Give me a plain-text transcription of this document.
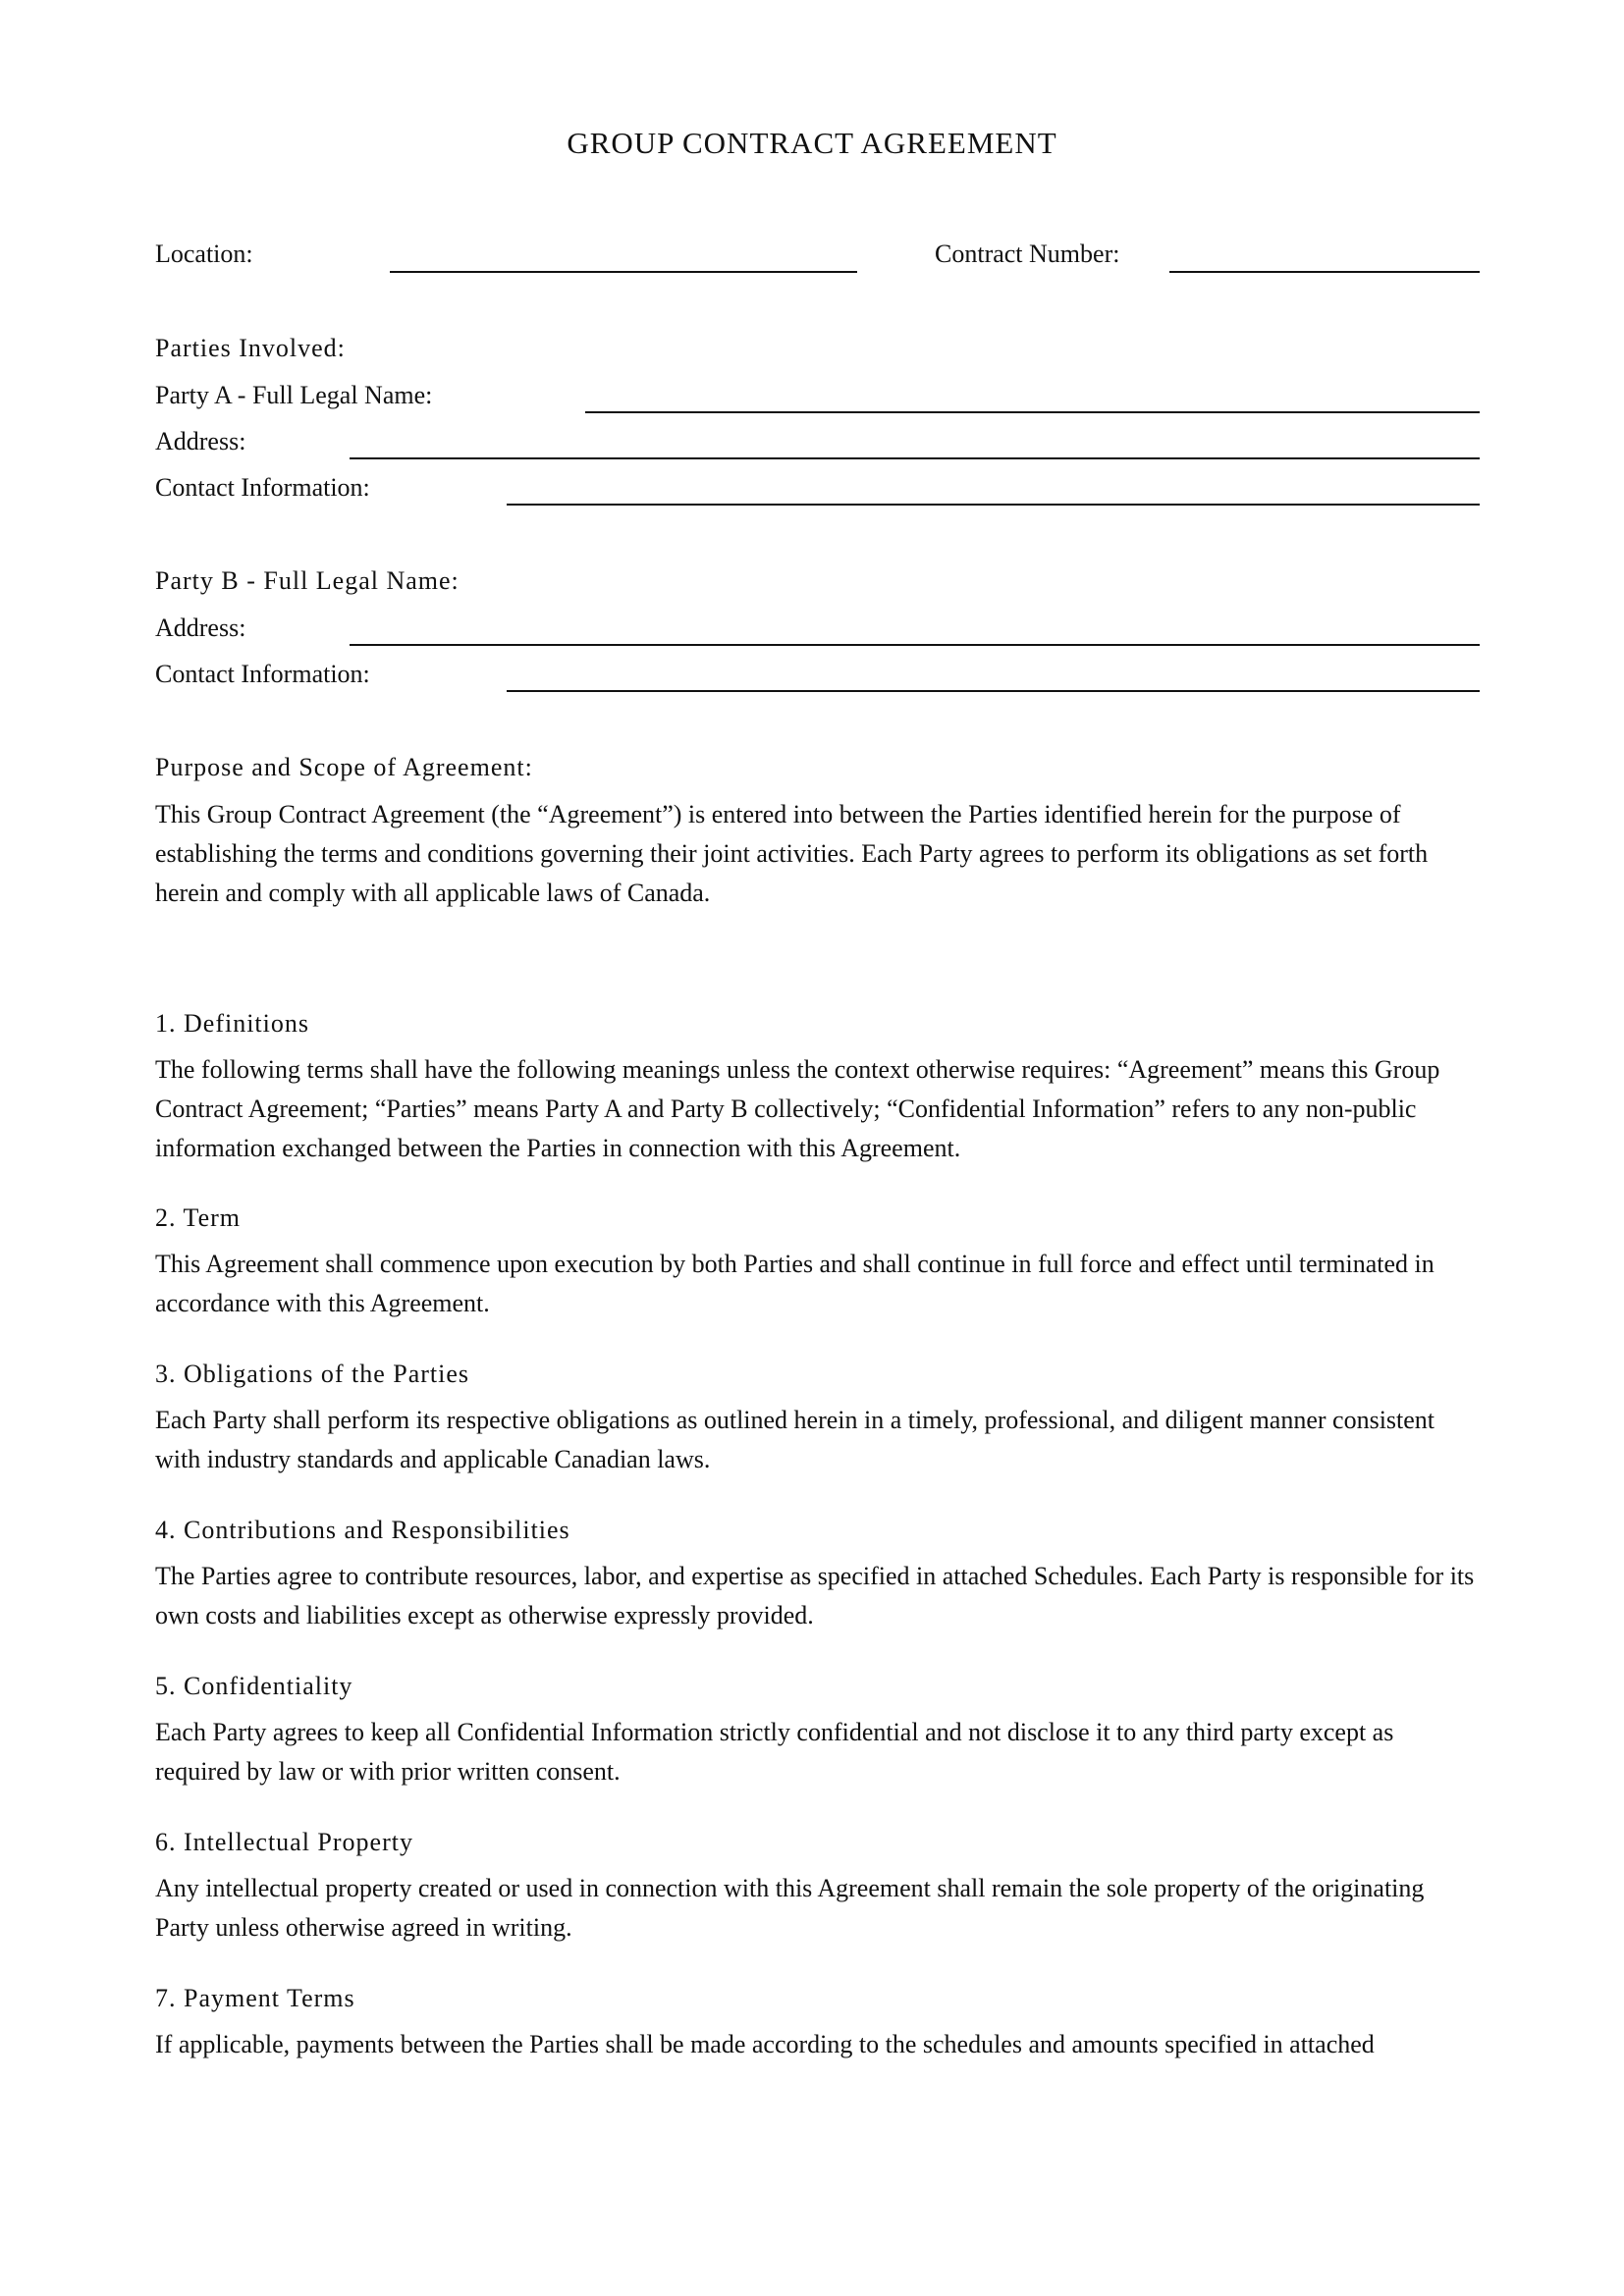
GROUP CONTRACT AGREEMENT
Location:	Contract Number:
Parties Involved:
Party A - Full Legal Name:
Address:
Contact Information:
Party B - Full Legal Name:
Address:
Contact Information:
Purpose and Scope of Agreement:

This Group Contract Agreement (the “Agreement”) is entered into between the Parties identified herein for the purpose of establishing the terms and conditions governing their joint activities. Each Party agrees to perform its obligations as set forth herein and comply with all applicable laws of Canada.

1. Definitions

The following terms shall have the following meanings unless the context otherwise requires: “Agreement” means this Group Contract Agreement; “Parties” means Party A and Party B collectively; “Confidential Information” refers to any non-public information exchanged between the Parties in connection with this Agreement.

2. Term

This Agreement shall commence upon execution by both Parties and shall continue in full force and effect until terminated in accordance with this Agreement.

3. Obligations of the Parties

Each Party shall perform its respective obligations as outlined herein in a timely, professional, and diligent manner consistent with industry standards and applicable Canadian laws.

4. Contributions and Responsibilities

The Parties agree to contribute resources, labor, and expertise as specified in attached Schedules. Each Party is responsible for its own costs and liabilities except as otherwise expressly provided.

5. Confidentiality

Each Party agrees to keep all Confidential Information strictly confidential and not disclose it to any third party except as required by law or with prior written consent.

6. Intellectual Property

Any intellectual property created or used in connection with this Agreement shall remain the sole property of the originating Party unless otherwise agreed in writing.

7. Payment Terms

If applicable, payments between the Parties shall be made according to the schedules and amounts specified in attached
